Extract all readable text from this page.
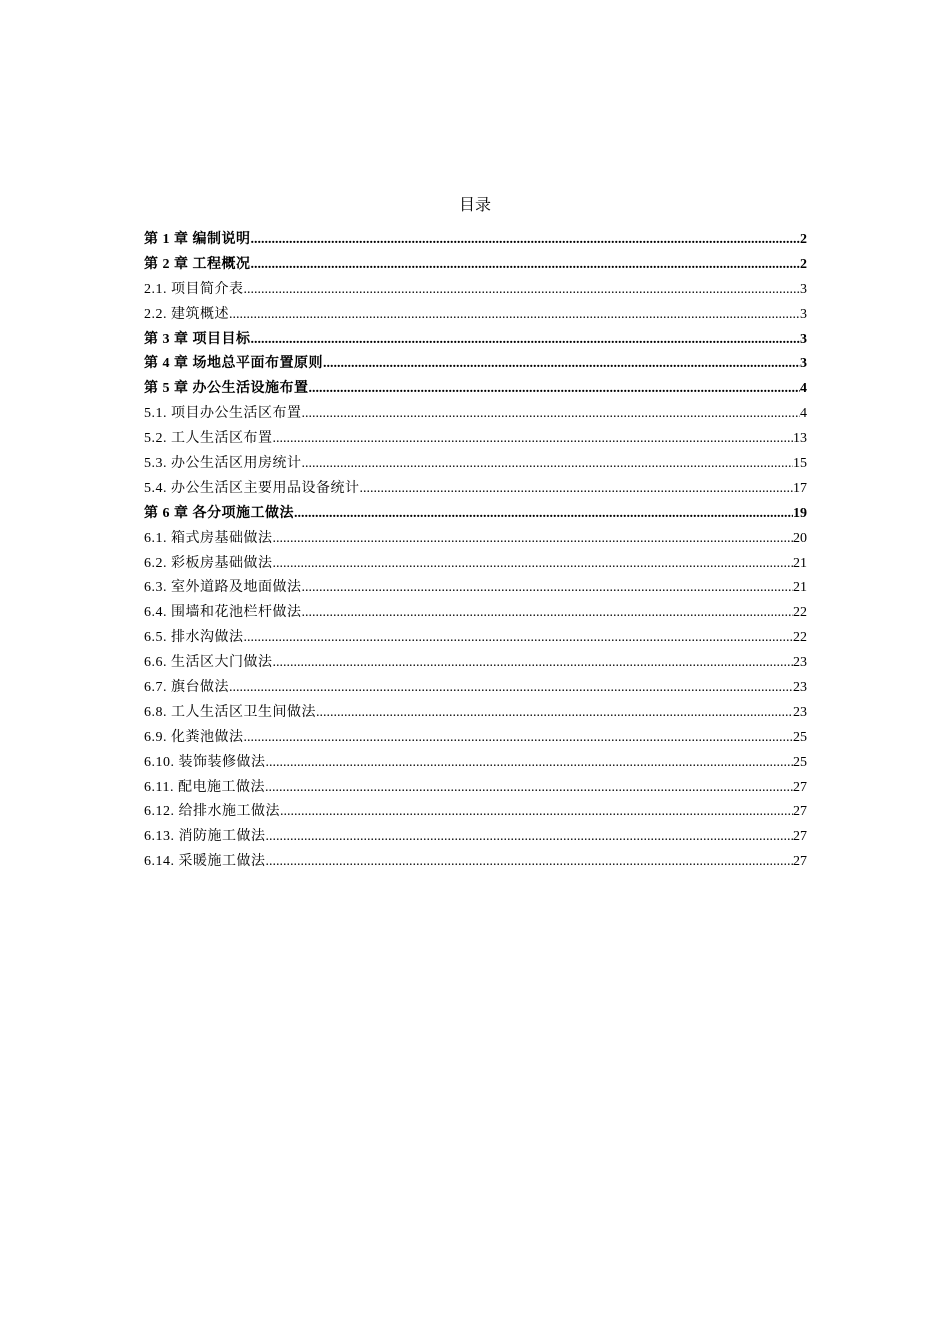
目录
第 1 章 编制说明 .....	2
第 2 章 工程概况 .....	2
2.1. 项目简介表 .....	3
2.2. 建筑概述 .....	3
第 3 章 项目目标 .....	3
第 4 章 场地总平面布置原则 .....	3
第 5 章 办公生活设施布置 .....	4
5.1. 项目办公生活区布置 .....	4
5.2. 工人生活区布置 .....	13
5.3. 办公生活区用房统计 .....	15
5.4. 办公生活区主要用品设备统计 .....	17
第 6 章 各分项施工做法 .....	19
6.1. 箱式房基础做法 .....	20
6.2. 彩板房基础做法 .....	21
6.3. 室外道路及地面做法 .....	21
6.4. 围墙和花池栏杆做法 .....	22
6.5. 排水沟做法 .....	22
6.6. 生活区大门做法 .....	23
6.7. 旗台做法 .....	23
6.8. 工人生活区卫生间做法 .....	23
6.9. 化粪池做法 .....	25
6.10. 装饰装修做法 .....	25
6.11. 配电施工做法 .....	27
6.12. 给排水施工做法 .....	27
6.13. 消防施工做法 .....	27
6.14. 采暖施工做法 .....	27
